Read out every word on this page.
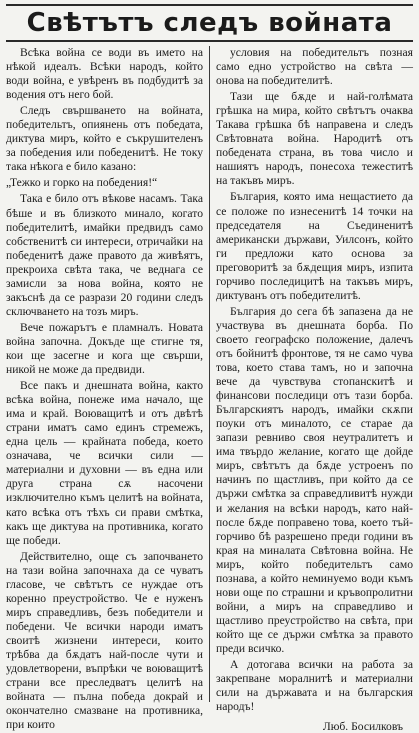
Свѣтътъ следъ войната

Всѣка война се води въ името на нѣкой идеалъ. Всѣки народъ, който води война, е увѣренъ въ подбудитѣ за водения отъ него бой.

Следъ свършването на войната, победительтъ, опиянень отъ победата, диктува миръ, който е съкрушителенъ за победения или победенитѣ. Не току така нѣкога е било казано:

„Тежко и горко на победения!“

Така е било отъ вѣкове насамъ. Така бѣше и въ близкото минало, когато победителитѣ, имайки предвидъ само собственитѣ си интереси, отричайки на победенитѣ даже правото да живѣятъ, прекроиха свѣта така, че веднага се замисли за нова война, която не закъснѣ да се разрази 20 години следъ сключването на тозъ миръ.

Вече пожарътъ е пламналъ. Новата война започна. Докъде ще стигне тя, кои ще засегне и кога ще свърши, никой не може да предвиди.

Все пакъ и днешната война, както всѣка война, понеже има начало, ще има и край. Воюващитѣ и отъ двѣтѣ страни иматъ само единъ стремежъ, една цель — крайната победа, което означава, че всички сили — материални и духовни — въ една или друга страна сѫ насочени изключително къмъ целитѣ на войната, като всѣка отъ тѣхъ си прави смѣтка, какъ ще диктува на противника, когато ще победи.

Действително, още съ започването на тази война започнаха да се чуватъ гласове, че свѣтътъ се нуждае отъ коренно преустройство. Че е нуженъ миръ справедливъ, безъ победители и победени. Че всички народи иматъ своитѣ жизнени интереси, които трѣбва да бѫдатъ най-после чути и удовлетворени, въпрѣки че воюващитѣ страни все преследватъ целитѣ на войната — пълна победа докрай и окончателно смазване на противника, при които

условия на победительтъ позная само едно устройство на свѣта — онова на победителитѣ.

Тази ще бѫде и най-голѣмата грѣшка на мира, който свѣтътъ очаква Такава грѣшка бѣ направена и следъ Свѣтовната война. Народитѣ отъ победената страна, въ това число и нашиятъ народъ, понесоха тежеститѣ на такъвъ миръ.

България, която има нещастието да се положе по изнесенитѣ 14 точки на председателя на Съединенитѣ американски държави, Уилсонъ, който ги предложи като основа за преговоритѣ за бѫдещия миръ, изпита горчиво последицитѣ на такъвъ миръ, диктуванъ отъ победителитѣ.

България до сега бѣ запазена да не участвува въ днешната борба. По своето географско положение, далечъ отъ бойнитѣ фронтове, тя не само чува това, което става тамъ, но и започна вече да чувствува стопанскитѣ и финансови последици отъ тази борба. Българскиятъ народъ, имайки скѫпи поуки отъ миналото, се старае да запази ревниво своя неутралитетъ и има твърдо желание, когато ще дойде миръ, свѣтътъ да бѫде устроенъ по начинъ по щастливъ, при който да се държи смѣтка за справедливитѣ нужди и желания на всѣки народъ, като най-после бѫде поправено това, което тъй-горчиво бѣ разрешено преди години въ края на миналата Свѣтовна война. Не миръ, който победительтъ само познава, а който неминуемо води къмъ нови още по страшни и кръвопролитни войни, а миръ на справедливо и щастливо преустройство на свѣта, при който ще се държи смѣтка за правото преди всичко.

А дотогава всички на работа за закрепване моралнитѣ и материални сили на държавата и на българския народъ!

Люб. Босилковъ
